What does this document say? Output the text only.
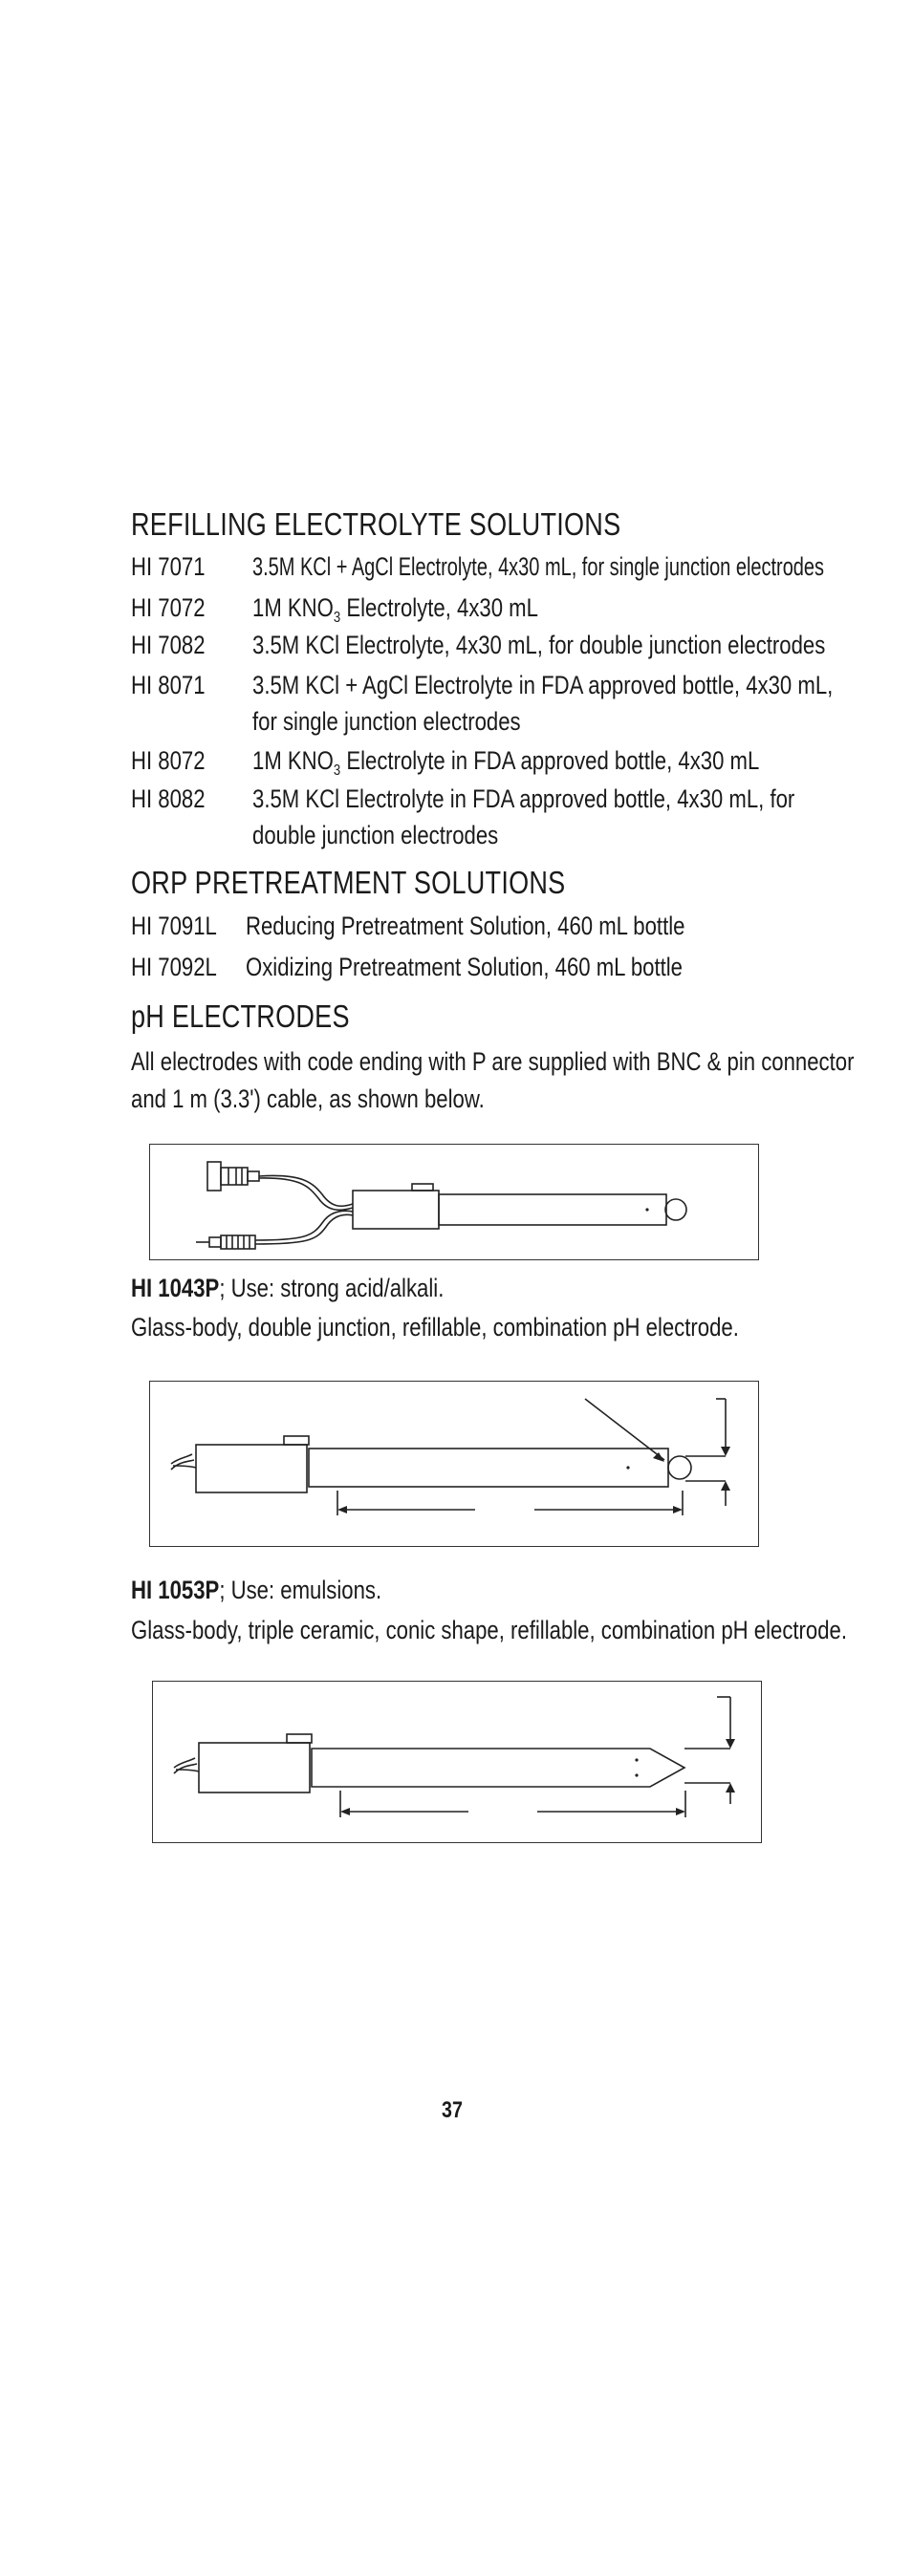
REFILLING ELECTROLYTE SOLUTIONS
HI 7071 3.5M KCl + AgCl Electrolyte, 4x30 mL, for single junction electrodes
HI 7072 1M $KNO_3$ Electrolyte, 4x30 mL
HI 7082 3.5M KCl Electrolyte, 4x30 mL, for double junction electrodes
HI 8071 3.5M KCl + AgCl Electrolyte in FDA approved bottle, 4x30 mL,
for single junction electrodes
HI 8072 1M $KNO_3$ Electrolyte in FDA approved bottle, 4x30 mL
HI 8082 3.5M KCl Electrolyte in FDA approved bottle, 4x30 mL, for
double junction electrodes
ORP PRETREATMENT SOLUTIONS
HI 7091L Reducing Pretreatment Solution, 460 mL bottle
HI 7092L Oxidizing Pretreatment Solution, 460 mL bottle
pH ELECTRODES
All electrodes with code ending with P are supplied with BNC & pin connector
and 1 m (3.3') cable, as shown below.
HI 1043P; Use: strong acid/alkali.
Glass-body, double junction, refillable, combination pH electrode.
HI 1053P; Use: emulsions.
Glass-body, triple ceramic, conic shape, refillable, combination pH electrode.
37
